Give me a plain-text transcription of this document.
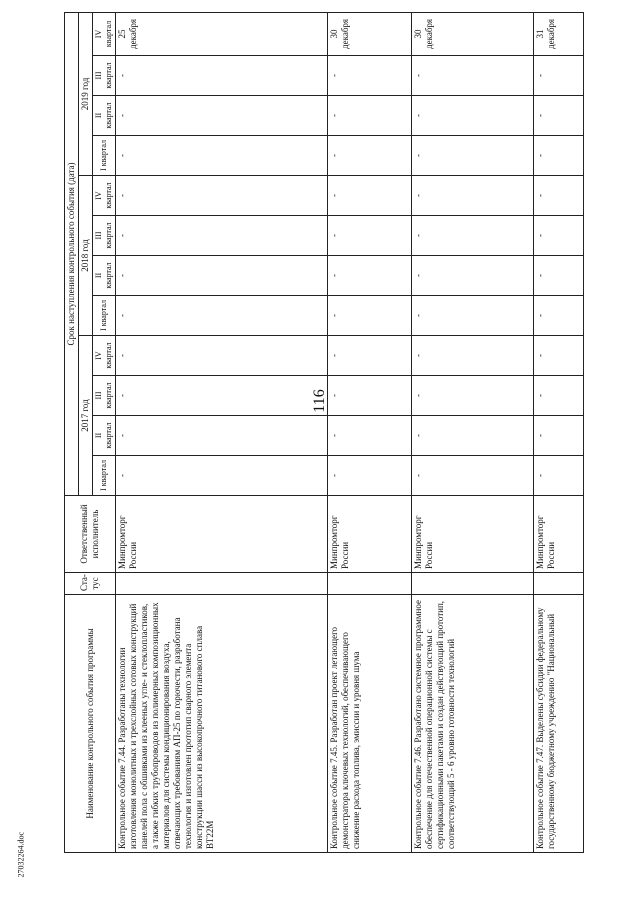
116
Наименование контрольного события программы	Ста-тус	Ответственный исполнитель	Срок наступления контрольного события (дата)											
			2017 год				2018 год				2019 год			
			I квартал	II квартал	III квартал	IV квартал	I квартал	II квартал	III квартал	IV квартал	I квартал	II квартал	III квартал	IV квартал
Контрольное событие 7.44. Разработаны технологии изготовления монолитных и трехслойных сотовых конструкций панелей пола с обшивками из клееных угле- и стеклопластиков, а также гибких трубопроводов из полимерных композиционных материалов для системы кондиционирования воздуха, отвечающих требованиям АП-25 по горючести, разработана технология и изготовлен прототип сварного элемента конструкции шасси из высокопрочного титанового сплава ВТ22М		Минпромторг России	-	-	-	-	-	-	-	-	-	-	-	25 декабря
Контрольное событие 7.45. Разработан проект летающего демонстратора ключевых технологий, обеспечивающего снижение расхода топлива, эмиссии и уровня шума		Минпромторг России	-	-	-	-	-	-	-	-	-	-	-	30 декабря
Контрольное событие 7.46. Разработано системное программное обеспечение для отечественной операционной системы с сертификационными пакетами и создан действующий прототип, соответствующий 5 - 6 уровню готовности технологий		Минпромторг России	-	-	-	-	-	-	-	-	-	-	-	30 декабря
Контрольное событие 7.47. Выделены субсидии федеральному государственному бюджетному учреждению "Национальный		Минпромторг России	-	-	-	-	-	-	-	-	-	-	-	31 декабря
27032264.doc
